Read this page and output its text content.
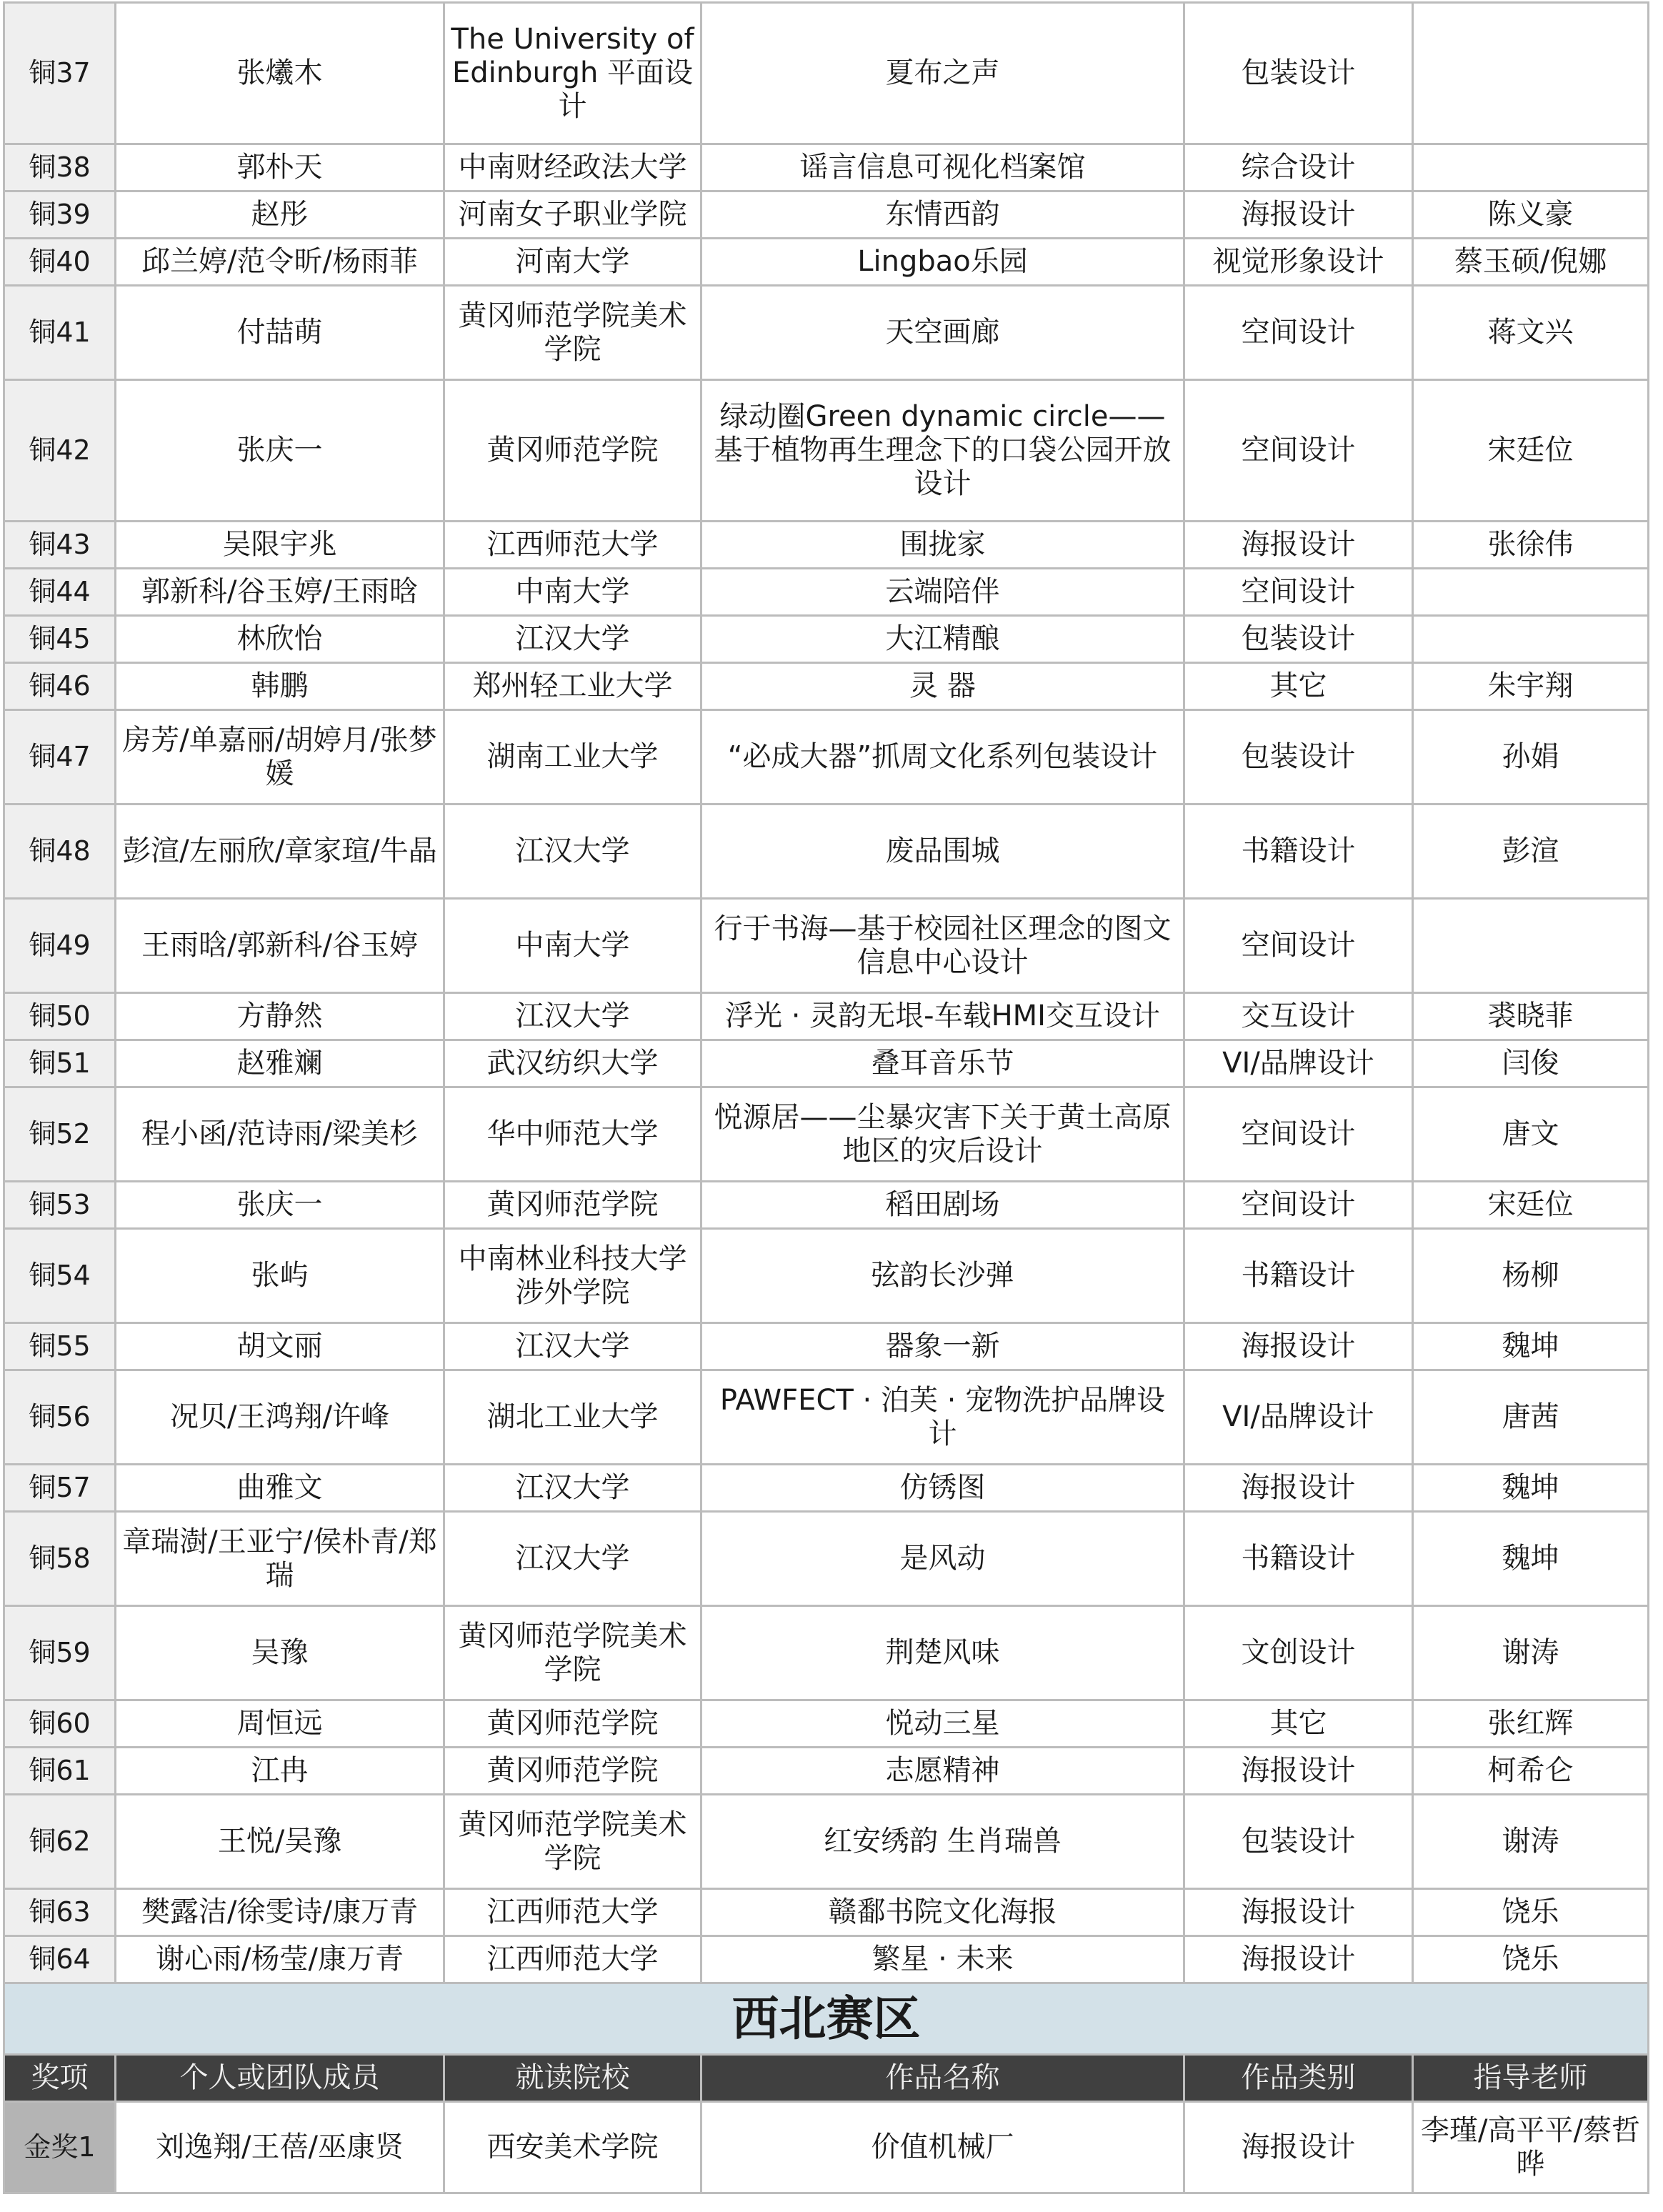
铜37	张爔木	The University of Edinburgh 平面设计	夏布之声	包装设计	
铜38	郭朴天	中南财经政法大学	谣言信息可视化档案馆	综合设计	
铜39	赵彤	河南女子职业学院	东情西韵	海报设计	陈义豪
铜40	邱兰婷/范令昕/杨雨菲	河南大学	Lingbao乐园	视觉形象设计	蔡玉硕/倪娜
铜41	付喆萌	黄冈师范学院美术学院	天空画廊	空间设计	蒋文兴
铜42	张庆一	黄冈师范学院	绿动圈Green dynamic circle——基于植物再生理念下的口袋公园开放设计	空间设计	宋廷位
铜43	吴限宇兆	江西师范大学	围拢家	海报设计	张徐伟
铜44	郭新科/谷玉婷/王雨晗	中南大学	云端陪伴	空间设计	
铜45	林欣怡	江汉大学	大江精酿	包装设计	
铜46	韩鹏	郑州轻工业大学	灵 器	其它	朱宇翔
铜47	房芳/单嘉丽/胡婷月/张梦媛	湖南工业大学	“必成大器”抓周文化系列包装设计	包装设计	孙娟
铜48	彭渲/左丽欣/章家瑄/牛晶	江汉大学	废品围城	书籍设计	彭渲
铜49	王雨晗/郭新科/谷玉婷	中南大学	行于书海—基于校园社区理念的图文信息中心设计	空间设计	
铜50	方静然	江汉大学	浮光 · 灵韵无垠-车载HMI交互设计	交互设计	裘晓菲
铜51	赵雅斓	武汉纺织大学	叠耳音乐节	VI/品牌设计	闫俊
铜52	程小函/范诗雨/梁美杉	华中师范大学	悦源居——尘暴灾害下关于黄土高原地区的灾后设计	空间设计	唐文
铜53	张庆一	黄冈师范学院	稻田剧场	空间设计	宋廷位
铜54	张屿	中南林业科技大学涉外学院	弦韵长沙弹	书籍设计	杨柳
铜55	胡文丽	江汉大学	器象一新	海报设计	魏坤
铜56	况贝/王鸿翔/许峰	湖北工业大学	PAWFECT · 泊芙 · 宠物洗护品牌设计	VI/品牌设计	唐茜
铜57	曲雅文	江汉大学	仿锈图	海报设计	魏坤
铜58	章瑞澍/王亚宁/侯朴青/郑瑞	江汉大学	是风动	书籍设计	魏坤
铜59	吴豫	黄冈师范学院美术学院	荆楚风味	文创设计	谢涛
铜60	周恒远	黄冈师范学院	悦动三星	其它	张红辉
铜61	江冉	黄冈师范学院	志愿精神	海报设计	柯希仑
铜62	王悦/吴豫	黄冈师范学院美术学院	红安绣韵 生肖瑞兽	包装设计	谢涛
铜63	樊露洁/徐雯诗/康万青	江西师范大学	赣鄱书院文化海报	海报设计	饶乐
铜64	谢心雨/杨莹/康万青	江西师范大学	繁星 · 未来	海报设计	饶乐
西北赛区					
奖项	个人或团队成员	就读院校	作品名称	作品类别	指导老师
金奖1	刘逸翔/王蓓/巫康贤	西安美术学院	价值机械厂	海报设计	李瑾/高平平/蔡哲晔
